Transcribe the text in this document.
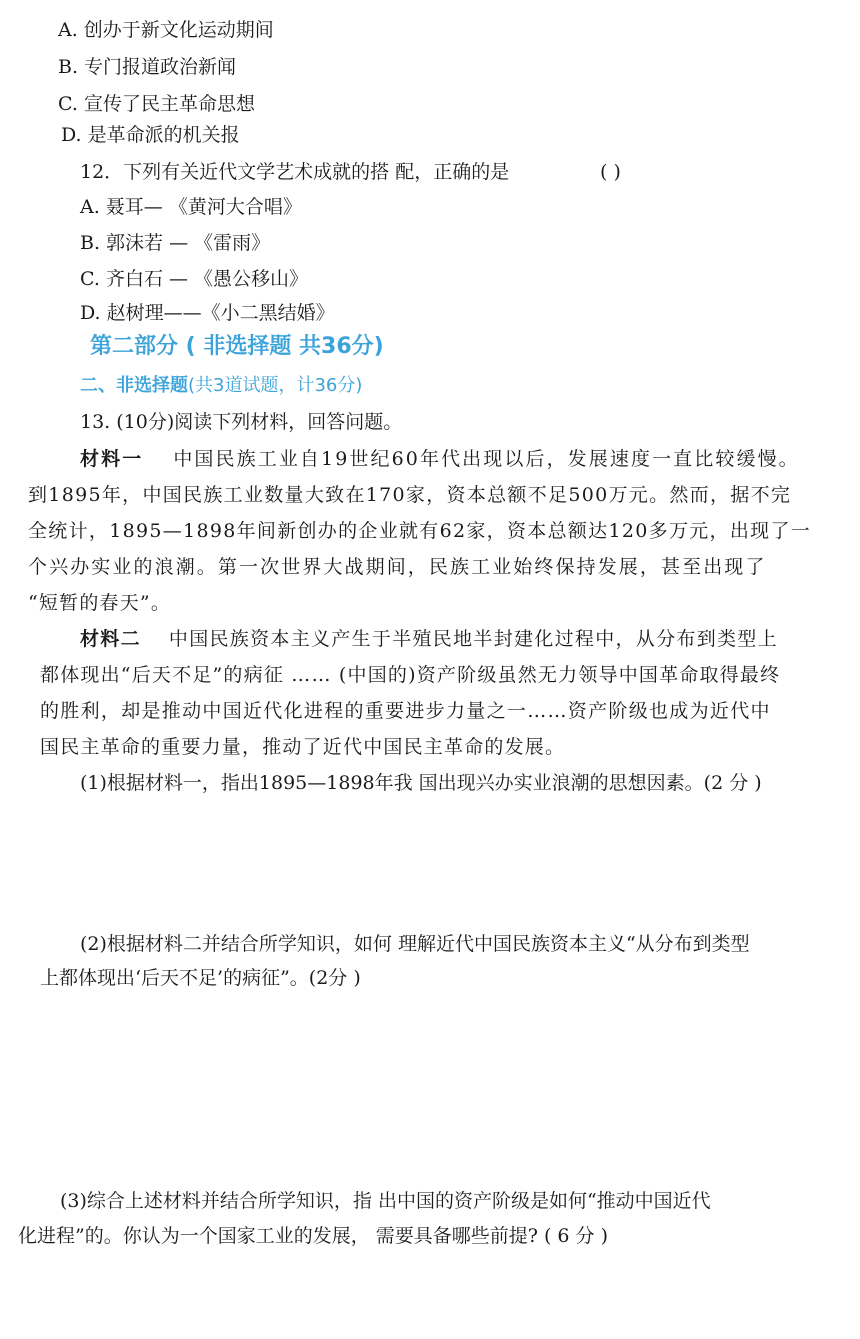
A. 创办于新文化运动期间
B. 专门报道政治新闻
C. 宣传了民主革命思想
D. 是革命派的机关报
12．下列有关近代文学艺术成就的搭 配，正确的是	( )
A. 聂耳— 《黄河大合唱》
B. 郭沫若 — 《雷雨》
C. 齐白石 — 《愚公移山》
D. 赵树理——《小二黑结婚》
第二部分 ( 非选择题 共36分)
二、非选择题(共3道试题，计36分)
13. (10分)阅读下列材料，回答问题。
材料一 中国民族工业自19世纪60年代出现以后，发展速度一直比较缓慢。
到1895年，中国民族工业数量大致在170家，资本总额不足500万元。然而，据不完
全统计，1895—1898年间新创办的企业就有62家，资本总额达120多万元，出现了一
个兴办实业的浪潮。第一次世界大战期间，民族工业始终保持发展，甚至出现了
“短暂的春天”。
材料二 中国民族资本主义产生于半殖民地半封建化过程中，从分布到类型上
都体现出“后天不足”的病征 …… (中国的)资产阶级虽然无力领导中国革命取得最终
的胜利，却是推动中国近代化进程的重要进步力量之一……资产阶级也成为近代中
国民主革命的重要力量，推动了近代中国民主革命的发展。
(1)根据材料一，指出1895—1898年我 国出现兴办实业浪潮的思想因素。(2 分 )
(2)根据材料二并结合所学知识，如何 理解近代中国民族资本主义“从分布到类型
上都体现出‘后天不足’的病征”。(2分 )
(3)综合上述材料并结合所学知识，指 出中国的资产阶级是如何“推动中国近代
化进程”的。你认为一个国家工业的发展， 需要具备哪些前提? ( 6 分 )
